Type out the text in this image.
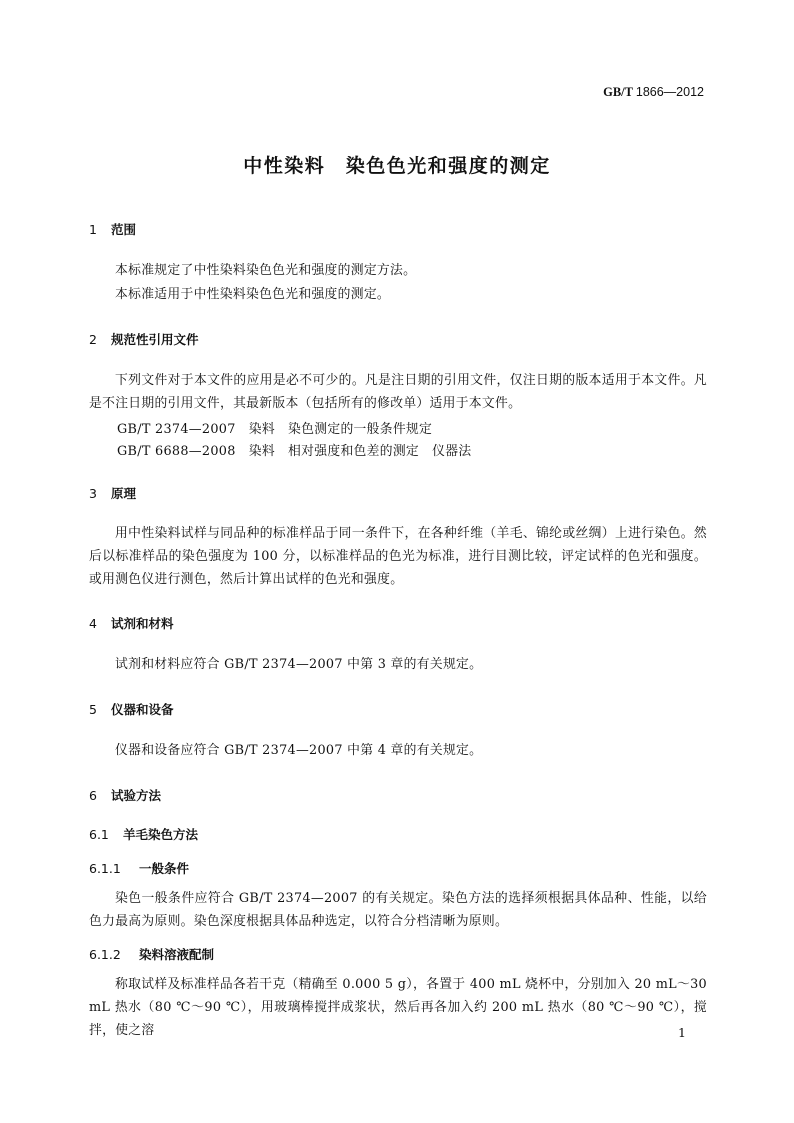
GB/T 1866—2012
中性染料　染色色光和强度的测定
1 范围
本标准规定了中性染料染色色光和强度的测定方法。
本标准适用于中性染料染色色光和强度的测定。
2 规范性引用文件
下列文件对于本文件的应用是必不可少的。凡是注日期的引用文件，仅注日期的版本适用于本文件。凡是不注日期的引用文件，其最新版本（包括所有的修改单）适用于本文件。
GB/T 2374—2007　染料　染色测定的一般条件规定
GB/T 6688—2008　染料　相对强度和色差的测定　仪器法
3 原理
用中性染料试样与同品种的标准样品于同一条件下，在各种纤维（羊毛、锦纶或丝绸）上进行染色。然后以标准样品的染色强度为 100 分，以标准样品的色光为标准，进行目测比较，评定试样的色光和强度。或用测色仪进行测色，然后计算出试样的色光和强度。
4 试剂和材料
试剂和材料应符合 GB/T 2374—2007 中第 3 章的有关规定。
5 仪器和设备
仪器和设备应符合 GB/T 2374—2007 中第 4 章的有关规定。
6 试验方法
6.1 羊毛染色方法
6.1.1 一般条件
染色一般条件应符合 GB/T 2374—2007 的有关规定。染色方法的选择须根据具体品种、性能，以给色力最高为原则。染色深度根据具体品种选定，以符合分档清晰为原则。
6.1.2 染料溶液配制
称取试样及标准样品各若干克（精确至 0.000 5 g），各置于 400 mL 烧杯中，分别加入 20 mL～30 mL 热水（80 ℃～90 ℃），用玻璃棒搅拌成浆状，然后再各加入约 200 mL 热水（80 ℃～90 ℃），搅拌，使之溶	1
